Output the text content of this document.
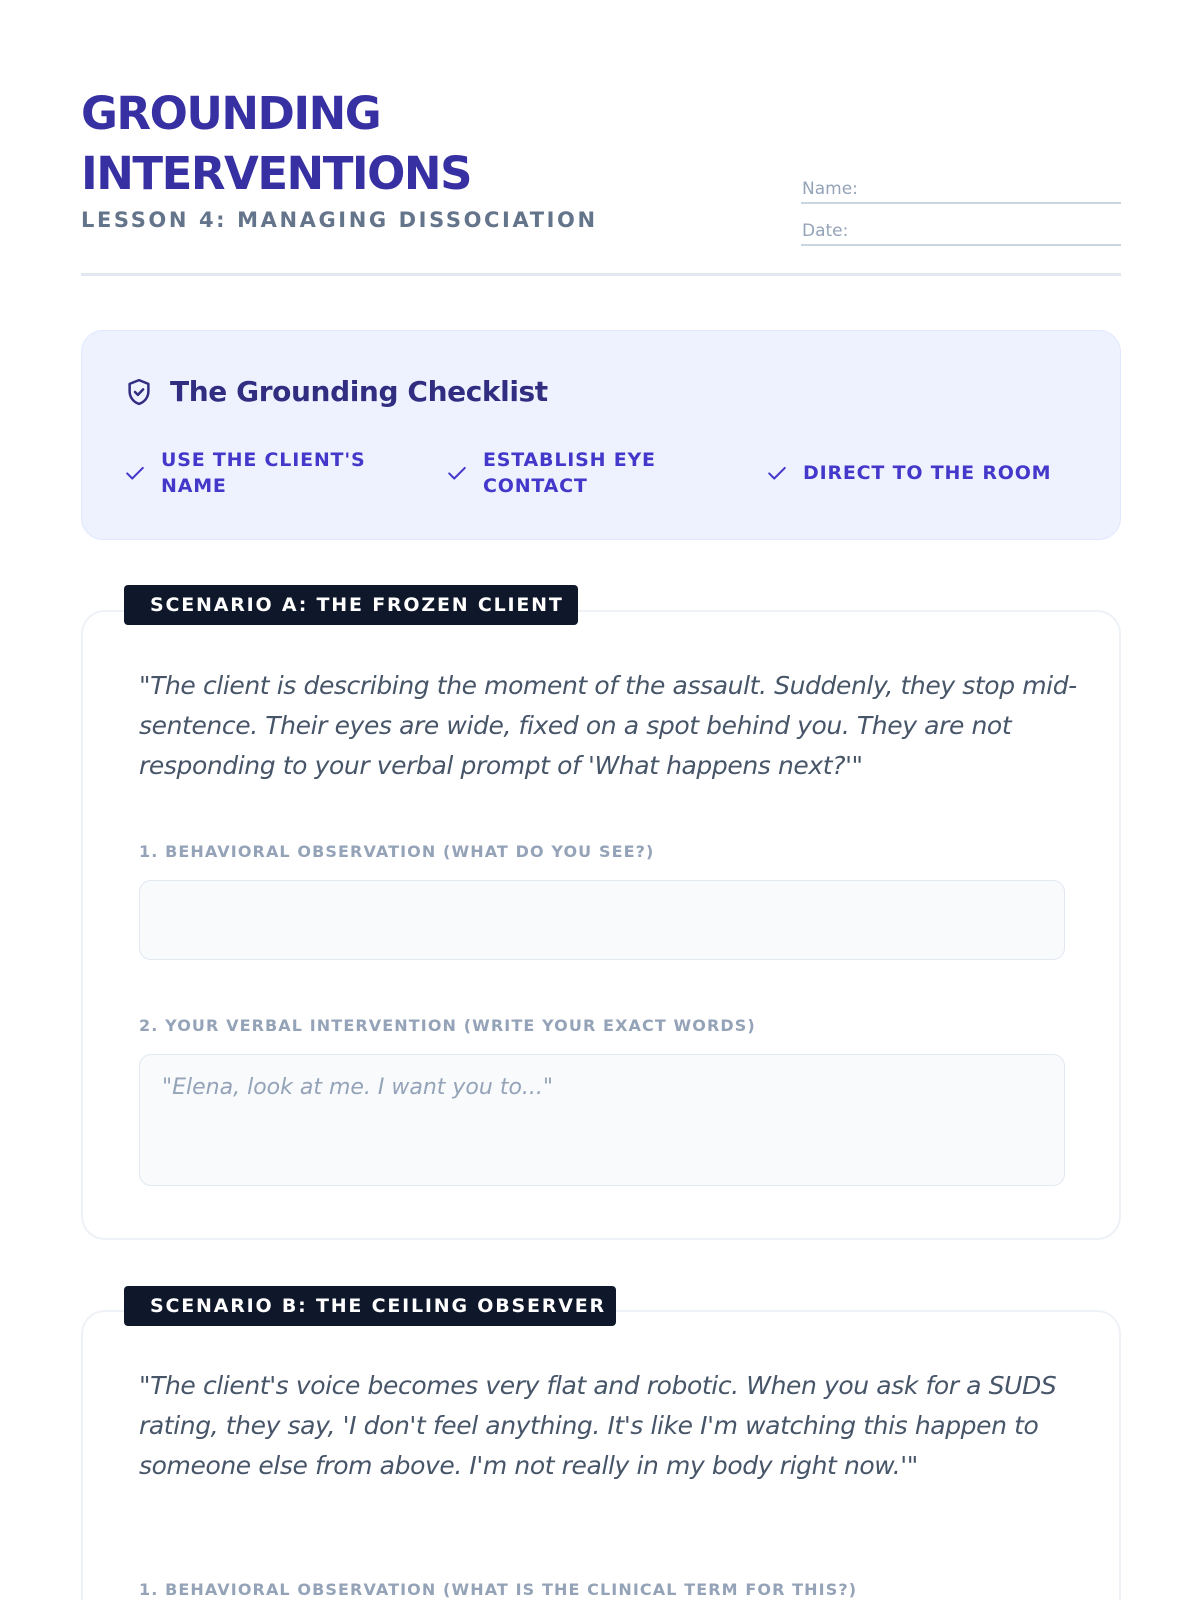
GROUNDING INTERVENTIONS
LESSON 4: MANAGING DISSOCIATION
Name:
Date:
The Grounding Checklist
USE THE CLIENT'S NAME
ESTABLISH EYE CONTACT
DIRECT TO THE ROOM

"The client is describing the moment of the assault. Suddenly, they stop mid-sentence. Their eyes are wide, fixed on a spot behind you. They are not responding to your verbal prompt of 'What happens next?'"

1. BEHAVIORAL OBSERVATION (WHAT DO YOU SEE?)
2. YOUR VERBAL INTERVENTION (WRITE YOUR EXACT WORDS)
"Elena, look at me. I want you to..."
SCENARIO A: THE FROZEN CLIENT

"The client's voice becomes very flat and robotic. When you ask for a SUDS rating, they say, 'I don't feel anything. It's like I'm watching this happen to someone else from above. I'm not really in my body right now.'"

1. BEHAVIORAL OBSERVATION (WHAT IS THE CLINICAL TERM FOR THIS?)
SCENARIO B: THE CEILING OBSERVER
